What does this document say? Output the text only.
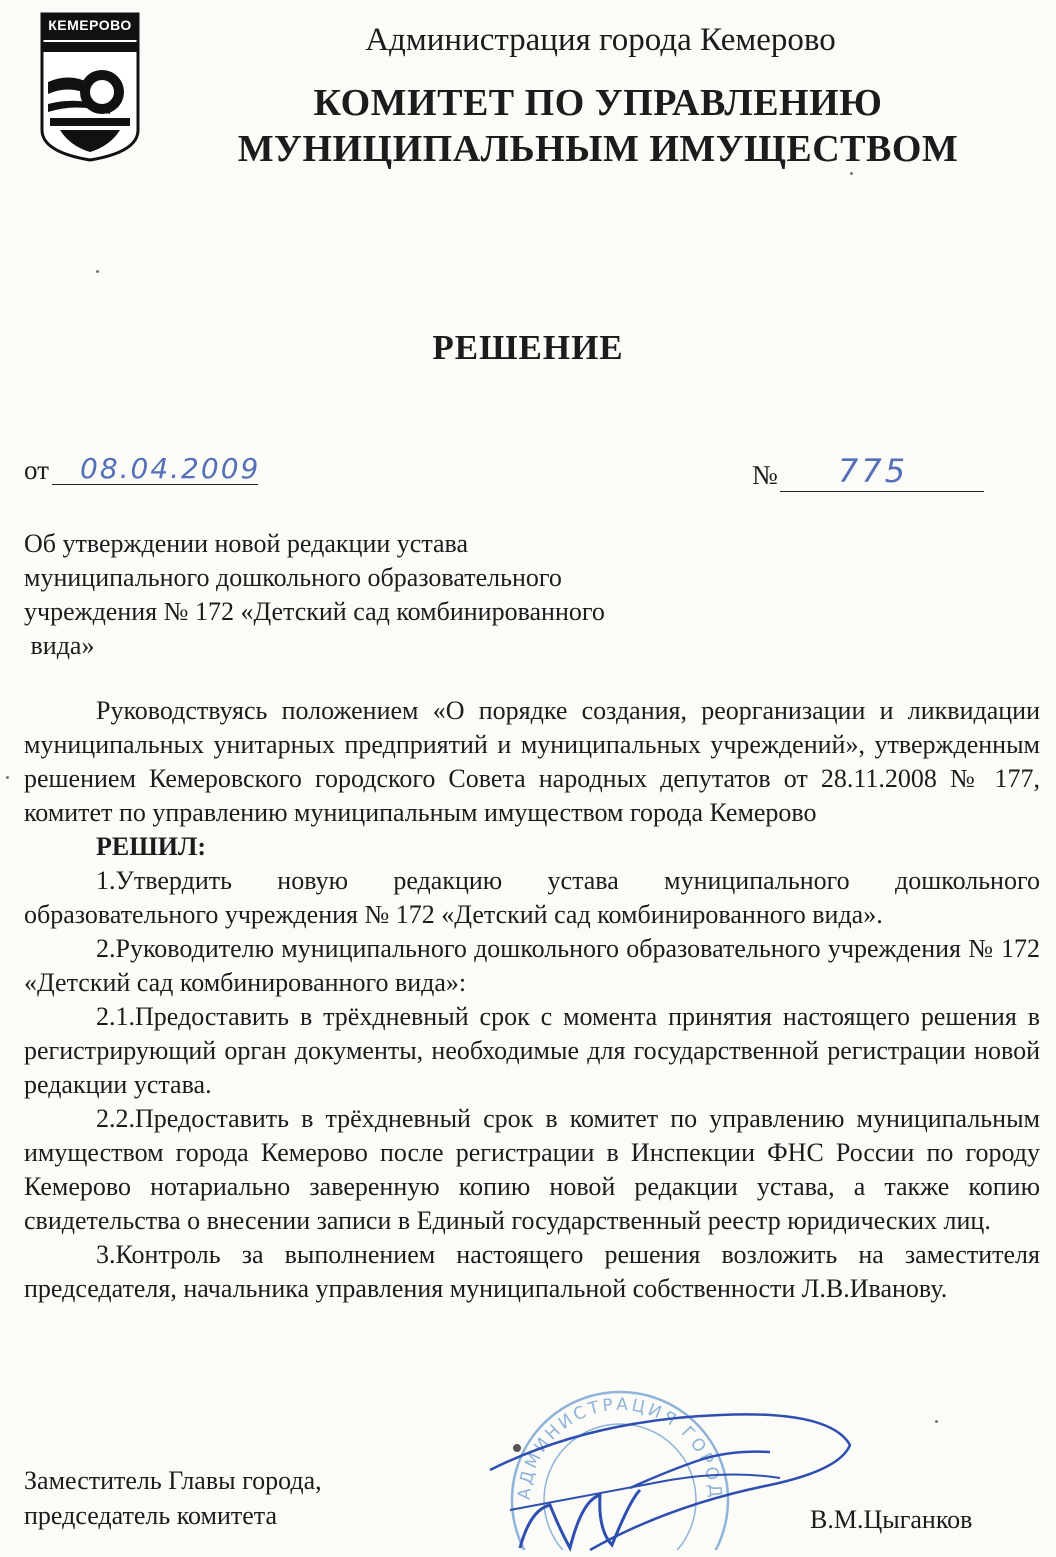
КЕМЕРОВО	Администрация города Кемерово
КОМИТЕТ ПО УПРАВЛЕНИЮ
МУНИЦИПАЛЬНЫМ ИМУЩЕСТВОМ
РЕШЕНИЕ
от 08.04.2009	№ 775
Об утверждении новой редакции устава
муниципального дошкольного образовательного
учреждения № 172 «Детский сад комбинированного
вида»

Руководствуясь положением «О порядке создания, реорганизации и ликвидации муниципальных унитарных предприятий и муниципальных учреждений», утвержденным решением Кемеровского городского Совета народных депутатов от 28.11.2008 № 177, комитет по управлению муниципальным имуществом города Кемерово

РЕШИЛ:

1.Утвердить новую редакцию устава муниципального дошкольного образовательного учреждения № 172 «Детский сад комбинированного вида».

2.Руководителю муниципального дошкольного образовательного учреждения № 172 «Детский сад комбинированного вида»:

2.1.Предоставить в трёхдневный срок с момента принятия настоящего решения в регистрирующий орган документы, необходимые для государственной регистрации новой редакции устава.

2.2.Предоставить в трёхдневный срок в комитет по управлению муниципальным имуществом города Кемерово после регистрации в Инспекции ФНС России по городу Кемерово нотариально заверенную копию новой редакции устава, а также копию свидетельства о внесении записи в Единый государственный реестр юридических лиц.

3.Контроль за выполнением настоящего решения возложить на заместителя председателя, начальника управления муниципальной собственности Л.В.Иванову.

АДМИНИСТРАЦИЯ ГОРОД
Заместитель Главы города,
председатель комитета	В.М.Цыганков
